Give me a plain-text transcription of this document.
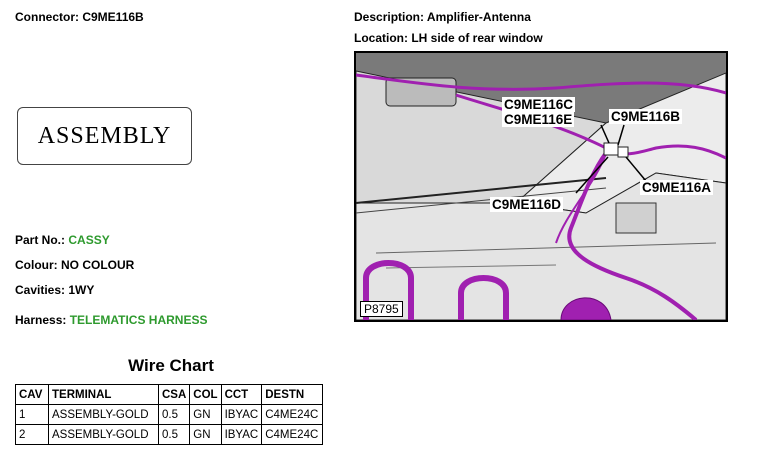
Connector: C9ME116B	Description: Amplifier-Antenna
Location: LH side of rear window
ASSEMBLY
Part No.: CASSY
Colour: NO COLOUR
Cavities: 1WY
Harness: TELEMATICS HARNESS
Wire Chart
CAV	TERMINAL	CSA	COL	CCT	DESTN
1	ASSEMBLY-GOLD	0.5	GN	IBYAC	C4ME24C
2	ASSEMBLY-GOLD	0.5	GN	IBYAC	C4ME24C
C9ME116C
C9ME116E	C9ME116B
C9ME116A
C9ME116D
P8795
